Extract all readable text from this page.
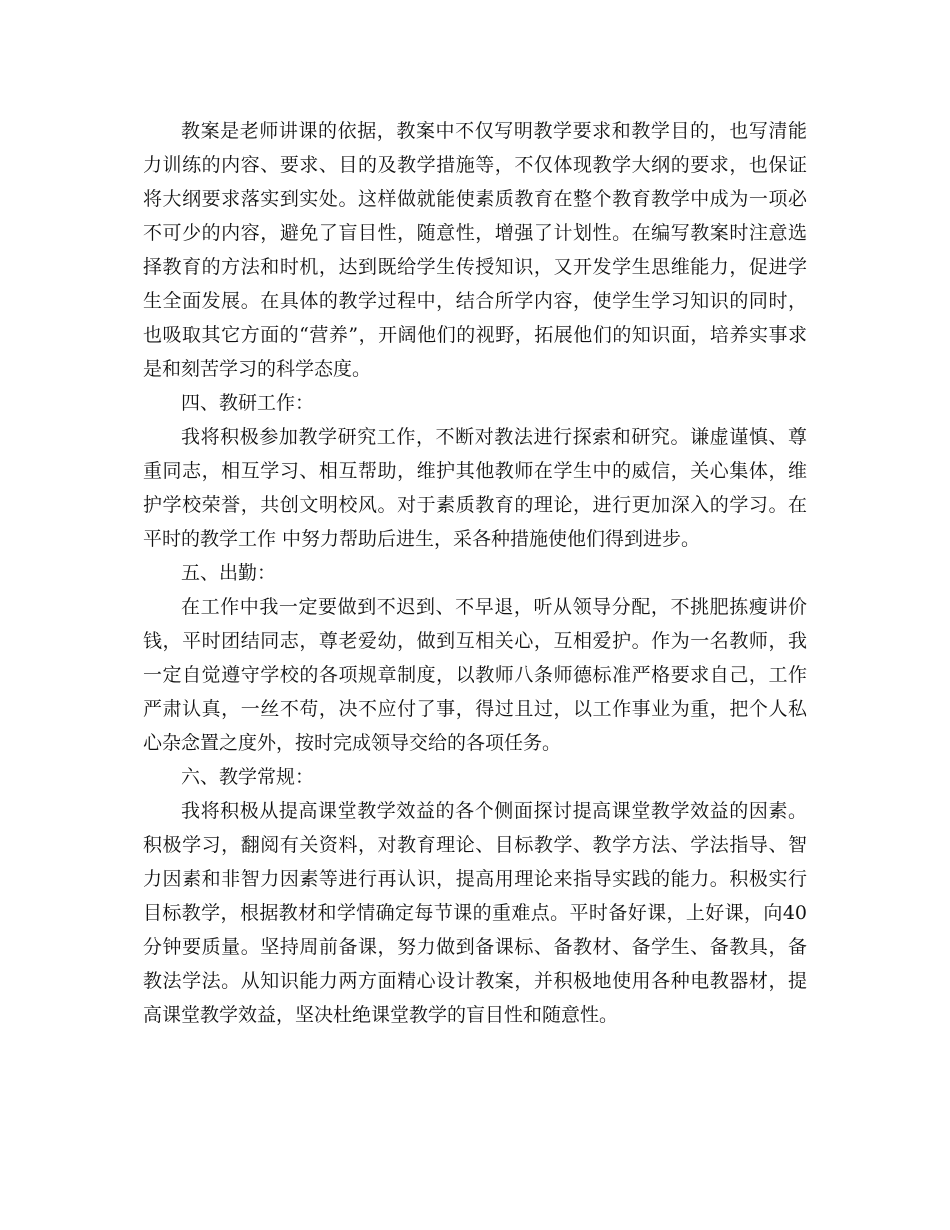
教案是老师讲课的依据，教案中不仅写明教学要求和教学目的，也写清能力训练的内容、要求、目的及教学措施等，不仅体现教学大纲的要求，也保证将大纲要求落实到实处。这样做就能使素质教育在整个教育教学中成为一项必不可少的内容，避免了盲目性，随意性，增强了计划性。在编写教案时注意选择教育的方法和时机，达到既给学生传授知识，又开发学生思维能力，促进学生全面发展。在具体的教学过程中，结合所学内容，使学生学习知识的同时，也吸取其它方面的“营养”，开阔他们的视野，拓展他们的知识面，培养实事求是和刻苦学习的科学态度。

四、教研工作：

我将积极参加教学研究工作，不断对教法进行探索和研究。谦虚谨慎、尊重同志，相互学习、相互帮助，维护其他教师在学生中的威信，关心集体，维护学校荣誉，共创文明校风。对于素质教育的理论，进行更加深入的学习。在平时的教学工作 中努力帮助后进生，采各种措施使他们得到进步。

五、出勤：

在工作中我一定要做到不迟到、不早退，听从领导分配，不挑肥拣瘦讲价钱，平时团结同志，尊老爱幼，做到互相关心，互相爱护。作为一名教师，我一定自觉遵守学校的各项规章制度，以教师八条师德标准严格要求自己，工作严肃认真，一丝不苟，决不应付了事，得过且过，以工作事业为重，把个人私心杂念置之度外，按时完成领导交给的各项任务。

六、教学常规：

我将积极从提高课堂教学效益的各个侧面探讨提高课堂教学效益的因素。积极学习，翻阅有关资料，对教育理论、目标教学、教学方法、学法指导、智力因素和非智力因素等进行再认识，提高用理论来指导实践的能力。积极实行目标教学，根据教材和学情确定每节课的重难点。平时备好课，上好课，向40分钟要质量。坚持周前备课，努力做到备课标、备教材、备学生、备教具，备教法学法。从知识能力两方面精心设计教案，并积极地使用各种电教器材，提高课堂教学效益，坚决杜绝课堂教学的盲目性和随意性。
